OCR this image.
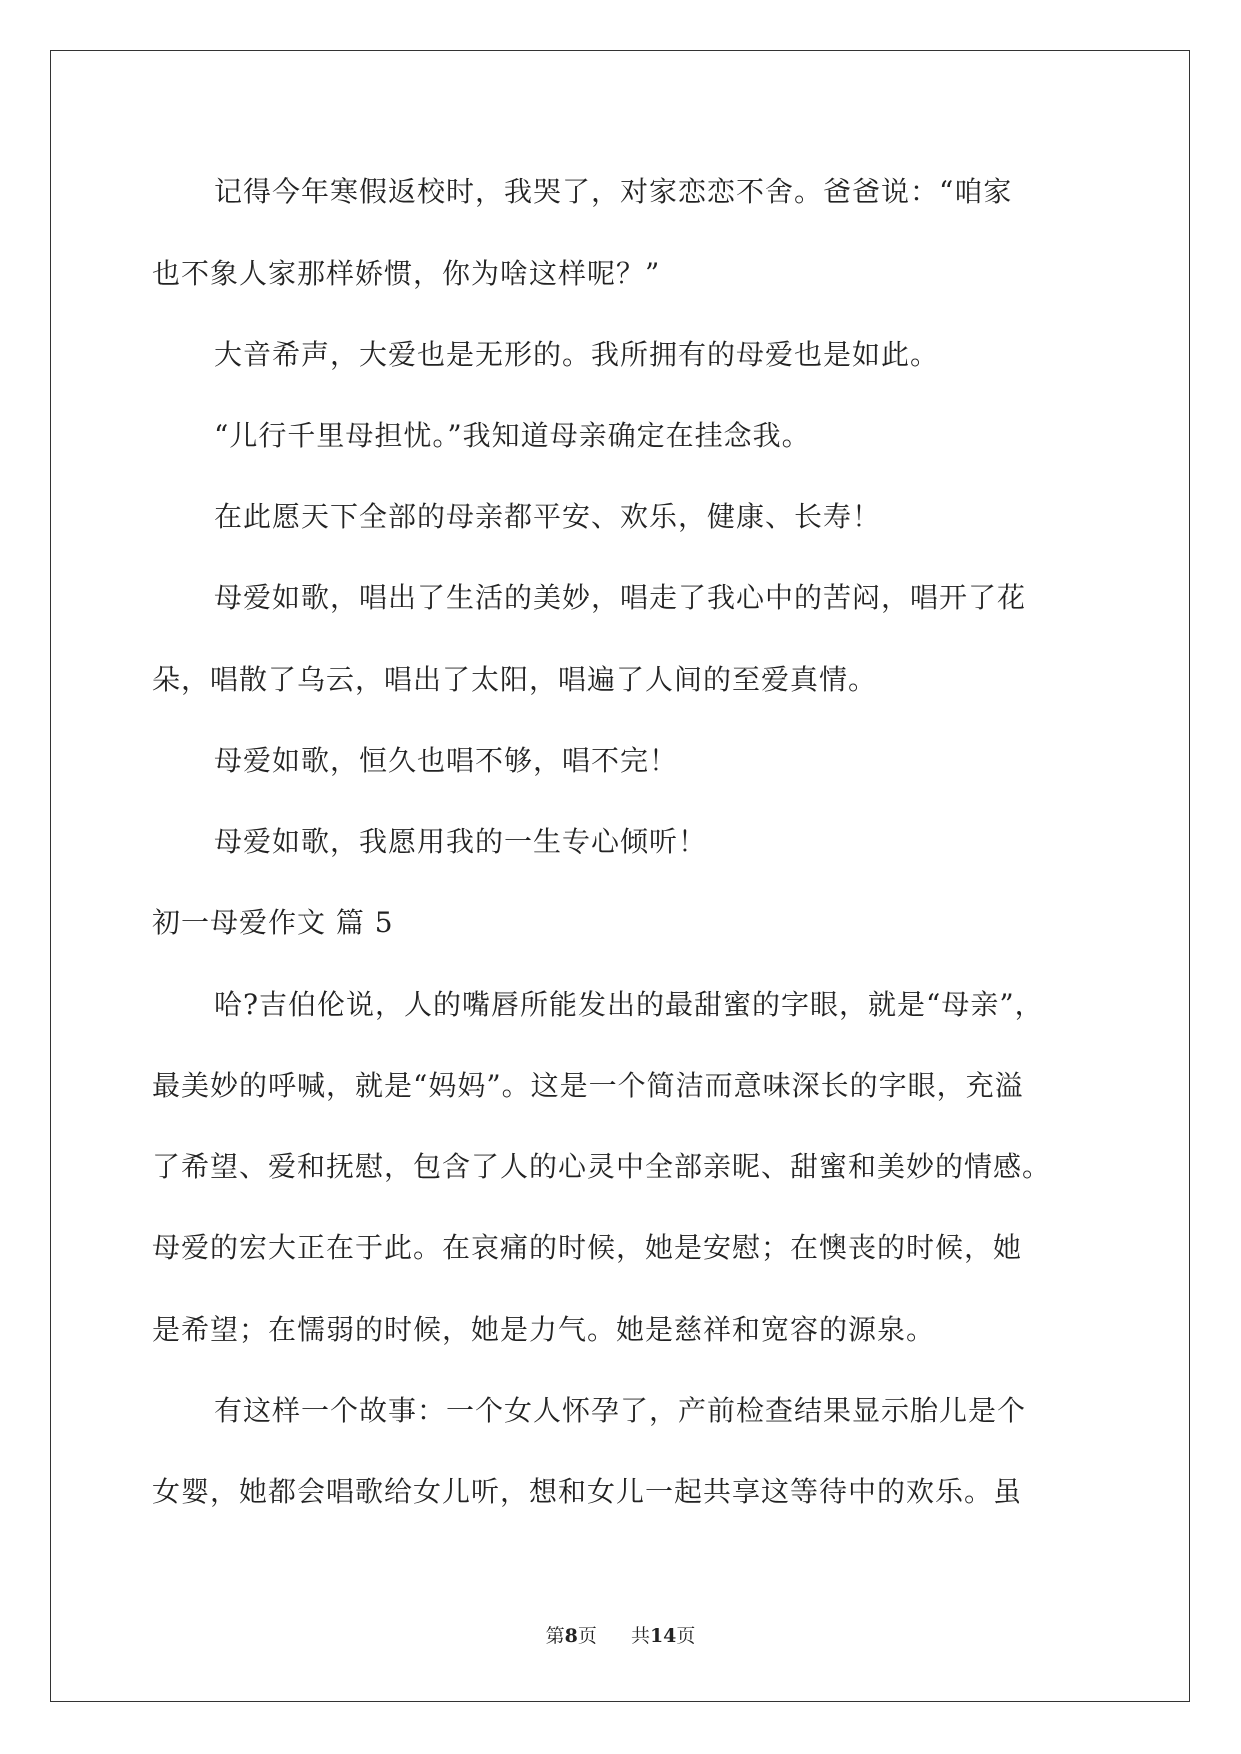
记得今年寒假返校时，我哭了，对家恋恋不舍。爸爸说：“咱家
也不象人家那样娇惯，你为啥这样呢？”
大音希声，大爱也是无形的。我所拥有的母爱也是如此。
“儿行千里母担忧。”我知道母亲确定在挂念我。
在此愿天下全部的母亲都平安、欢乐，健康、长寿！
母爱如歌，唱出了生活的美妙，唱走了我心中的苦闷，唱开了花
朵，唱散了乌云，唱出了太阳，唱遍了人间的至爱真情。
母爱如歌，恒久也唱不够，唱不完！
母爱如歌，我愿用我的一生专心倾听！
初一母爱作文 篇 5
哈?吉伯伦说，人的嘴唇所能发出的最甜蜜的字眼，就是“母亲”，
最美妙的呼喊，就是“妈妈”。这是一个简洁而意味深长的字眼，充溢
了希望、爱和抚慰，包含了人的心灵中全部亲昵、甜蜜和美妙的情感。
母爱的宏大正在于此。在哀痛的时候，她是安慰；在懊丧的时候，她
是希望；在懦弱的时候，她是力气。她是慈祥和宽容的源泉。
有这样一个故事：一个女人怀孕了，产前检查结果显示胎儿是个
女婴，她都会唱歌给女儿听，想和女儿一起共享这等待中的欢乐。虽
第8页 共14页
